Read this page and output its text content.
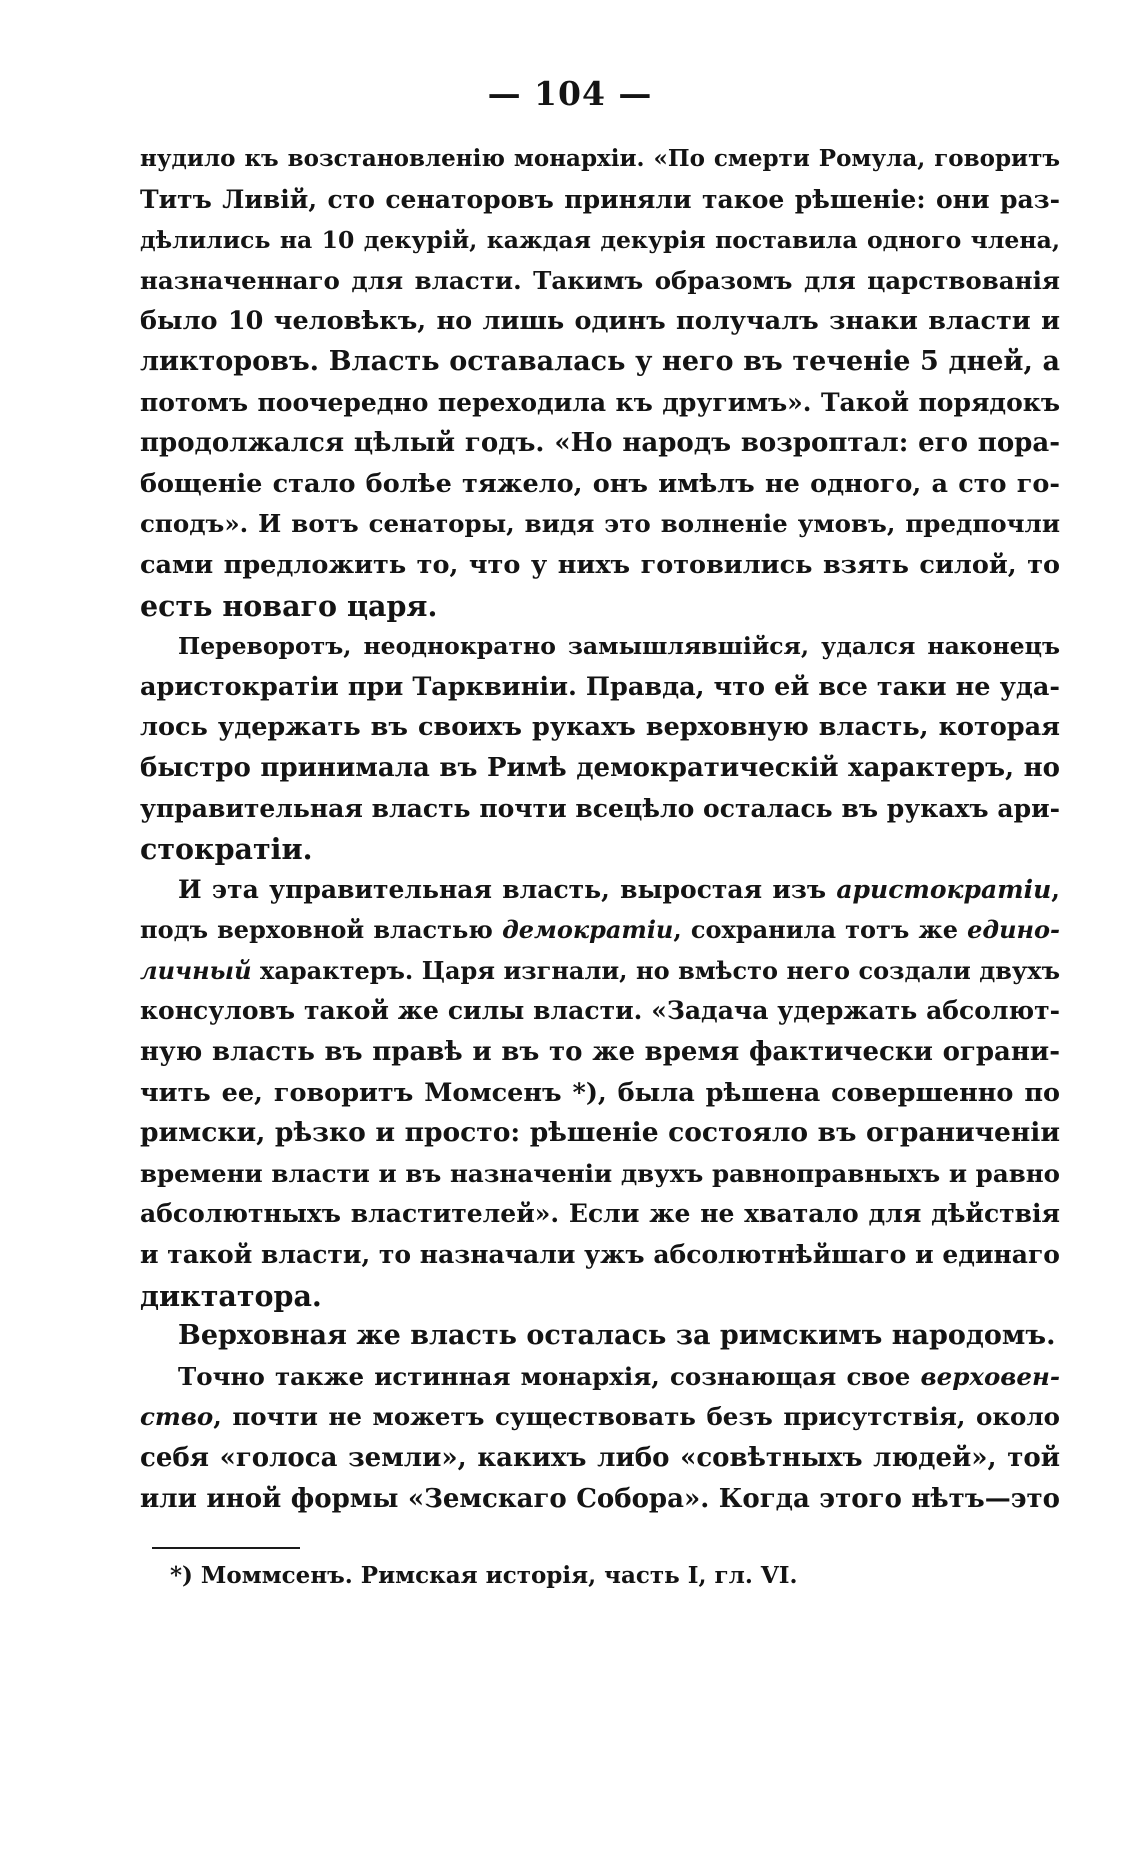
— 104 —
нудило къ возстановленію монархіи. «По смерти Ромула, говоритъ
Титъ Ливій, сто сенаторовъ приняли такое рѣшеніе: они раз-
дѣлились на 10 декурій, каждая декурія поставила одного члена,
назначеннаго для власти. Такимъ образомъ для царствованія
было 10 человѣкъ, но лишь одинъ получалъ знаки власти и
ликторовъ. Власть оставалась у него въ теченіе 5 дней, а
потомъ поочередно переходила къ другимъ». Такой порядокъ
продолжался цѣлый годъ. «Но народъ возроптал: его пора-
бощеніе стало болѣе тяжело, онъ имѣлъ не одного, а сто го-
сподъ». И вотъ сенаторы, видя это волненіе умовъ, предпочли
сами предложить то, что у нихъ готовились взять силой, то
есть новаго царя.
Переворотъ, неоднократно замышлявшійся, удался наконецъ
аристократіи при Тарквиніи. Правда, что ей все таки не уда-
лось удержать въ своихъ рукахъ верховную власть, которая
быстро принимала въ Римѣ демократическій характеръ, но
управительная власть почти всецѣло осталась въ рукахъ ари-
стократіи.
И эта управительная власть, выростая изъ аристократіи,
подъ верховной властью демократіи, сохранила тотъ же едино-
личный характеръ. Царя изгнали, но вмѣсто него создали двухъ
консуловъ такой же силы власти. «Задача удержать абсолют-
ную власть въ правѣ и въ то же время фактически ограни-
чить ее, говоритъ Момсенъ *), была рѣшена совершенно по
римски, рѣзко и просто: рѣшеніе состояло въ ограниченіи
времени власти и въ назначеніи двухъ равноправныхъ и равно
абсолютныхъ властителей». Если же не хватало для дѣйствія
и такой власти, то назначали ужъ абсолютнѣйшаго и единаго
диктатора.
Верховная же власть осталась за римскимъ народомъ.
Точно также истинная монархія, сознающая свое верховен-
ство, почти не можетъ существовать безъ присутствія, около
себя «голоса земли», какихъ либо «совѣтныхъ людей», той
или иной формы «Земскаго Собора». Когда этого нѣтъ—это
*) Моммсенъ. Римская исторія, часть I, гл. VI.
